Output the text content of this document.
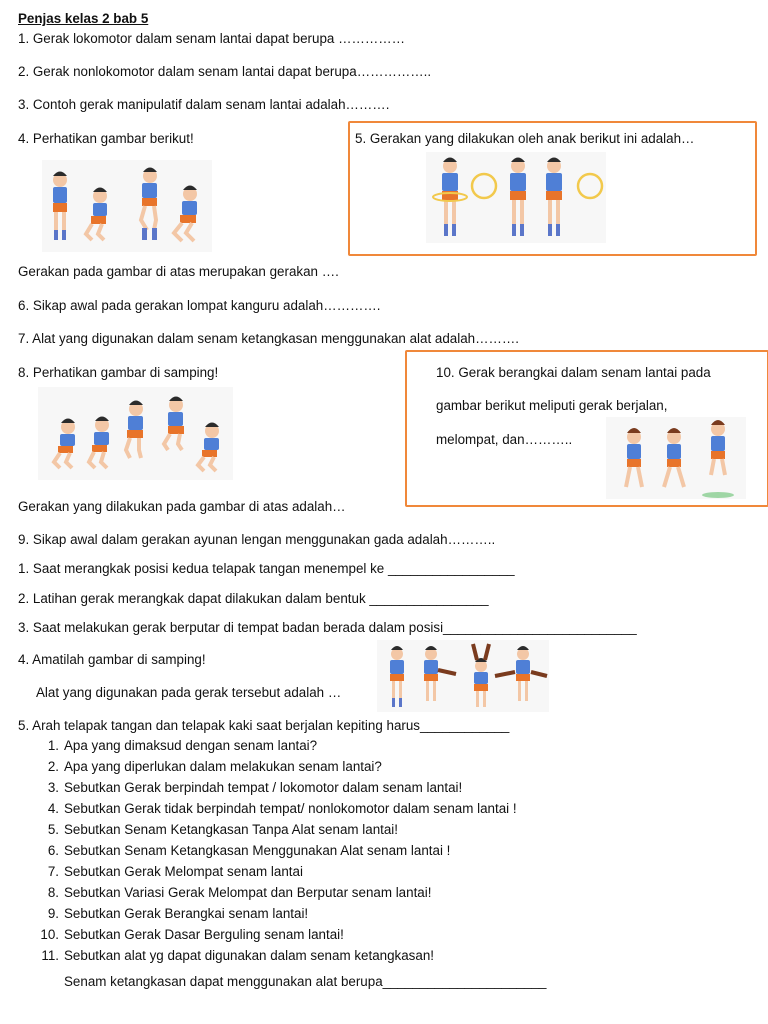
Penjas kelas 2 bab 5
1. Gerak lokomotor dalam senam lantai dapat berupa ……………
2. Gerak nonlokomotor dalam senam lantai dapat berupa……………..
3. Contoh gerak manipulatif dalam senam lantai adalah……….
4. Perhatikan gambar berikut!	5. Gerakan yang dilakukan oleh anak berikut ini adalah…
Gerakan pada gambar di atas merupakan gerakan ….
6. Sikap awal pada gerakan lompat kanguru adalah………….
7. Alat yang digunakan dalam senam ketangkasan menggunakan alat adalah……….
8. Perhatikan gambar di samping!	10. Gerak berangkai dalam senam lantai pada
gambar berikut meliputi gerak berjalan,
melompat, dan………..
Gerakan yang dilakukan pada gambar di atas adalah…
9. Sikap awal dalam gerakan ayunan lengan menggunakan gada adalah………..
1. Saat merangkak posisi kedua telapak tangan menempel ke _________________
2. Latihan gerak merangkak dapat dilakukan dalam bentuk ________________
3. Saat melakukan gerak berputar di tempat badan berada dalam posisi__________________________
4. Amatilah gambar di samping!
Alat yang digunakan pada gerak tersebut adalah …
5. Arah telapak tangan dan telapak kaki saat berjalan kepiting harus____________
1. Apa yang dimaksud dengan senam lantai?
2. Apa yang diperlukan dalam melakukan senam lantai?
3. Sebutkan Gerak berpindah tempat / lokomotor dalam senam lantai!
4. Sebutkan Gerak tidak berpindah tempat/ nonlokomotor dalam senam lantai !
5. Sebutkan Senam Ketangkasan Tanpa Alat senam lantai!
6. Sebutkan Senam Ketangkasan Menggunakan Alat senam lantai !
7. Sebutkan Gerak Melompat senam lantai
8. Sebutkan Variasi Gerak Melompat dan Berputar senam lantai!
9. Sebutkan Gerak Berangkai senam lantai!
10. Sebutkan Gerak Dasar Berguling senam lantai!
11. Sebutkan alat yg dapat digunakan dalam senam ketangkasan!
Senam ketangkasan dapat menggunakan alat berupa______________________
